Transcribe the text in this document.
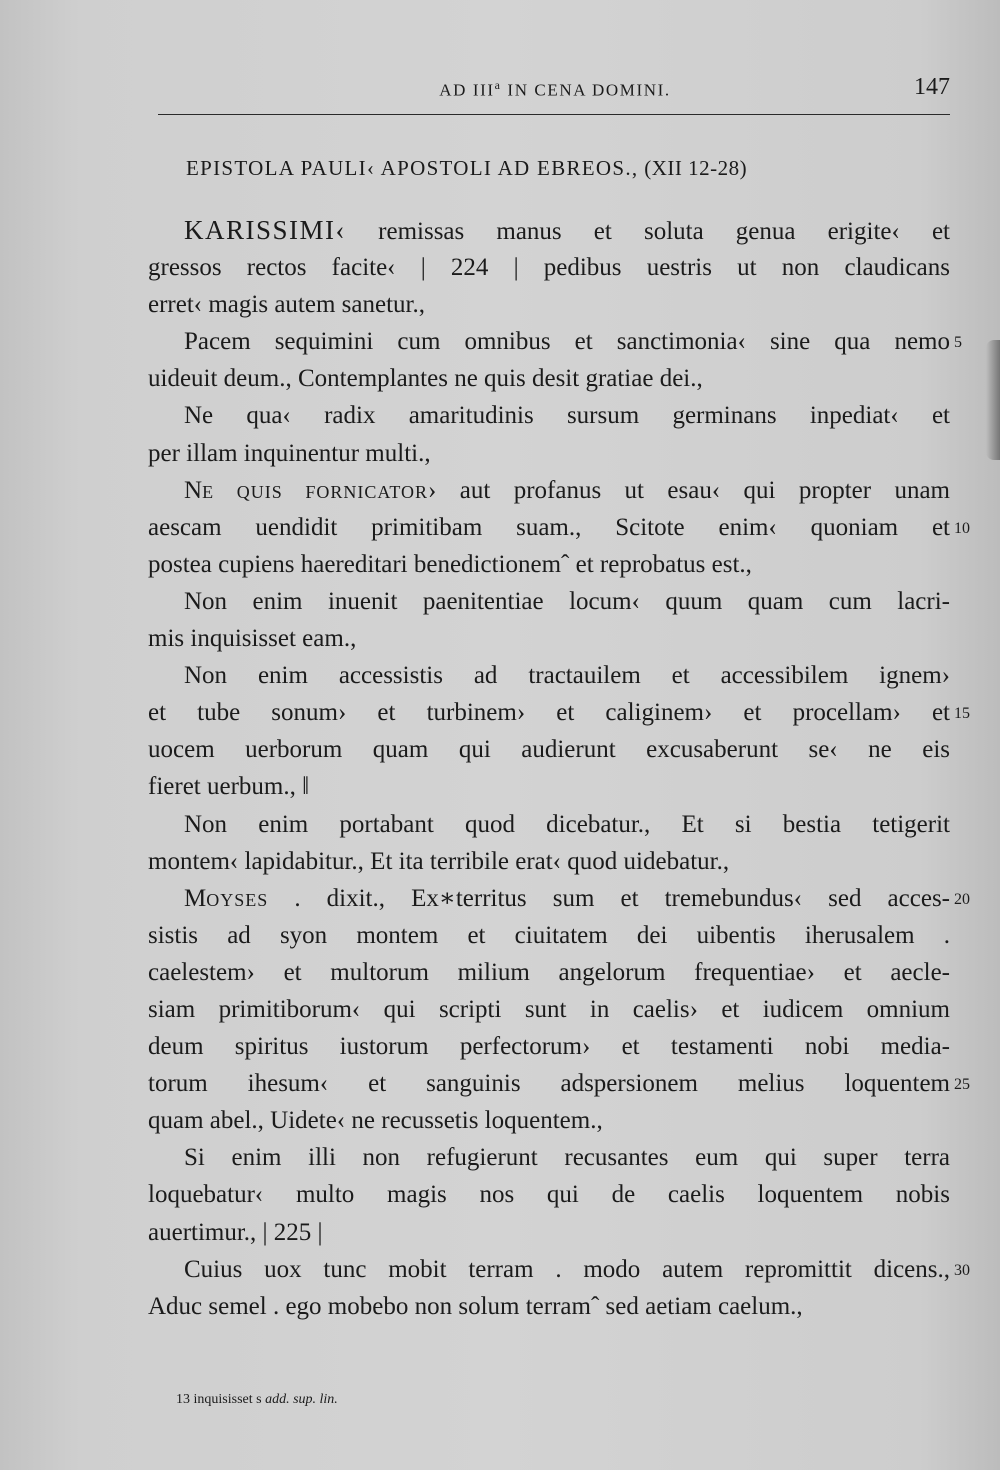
AD III$^a$ IN CENA DOMINI.	147
EPISTOLA PAULI‹ APOSTOLI AD EBREOS., (XII 12-28)
KARISSIMI‹ remissas manus et soluta genua erigite‹ et
gressos rectos facite‹ | 224 | pedibus uestris ut non claudicans
erret‹ magis autem sanetur.,
Pacem sequimini cum omnibus et sanctimonia‹ sine qua nemo 5
uideuit deum., Contemplantes ne quis desit gratiae dei.,
Ne qua‹ radix amaritudinis sursum germinans inpediat‹ et
per illam inquinentur multi.,
NE QUIS FORNICATOR› aut profanus ut esau‹ qui propter unam
aescam uendidit primitibam suam., Scitote enim‹ quoniam et 10
postea cupiens haereditari benedictionemˆ et reprobatus est.,
Non enim inuenit paenitentiae locum‹ quum quam cum lacri-
mis inquisisset eam.,
Non enim accessistis ad tractauilem et accessibilem ignem›
et tube sonum› et turbinem› et caliginem› et procellam› et 15
uocem uerborum quam qui audierunt excusaberunt se‹ ne eis
fieret uerbum., ‖
Non enim portabant quod dicebatur., Et si bestia tetigerit
montem‹ lapidabitur., Et ita terribile erat‹ quod uidebatur.,
MOYSES . dixit., Ex∗territus sum et tremebundus‹ sed acces- 20
sistis ad syon montem et ciuitatem dei uibentis iherusalem .
caelestem› et multorum milium angelorum frequentiae› et aecle-
siam primitiborum‹ qui scripti sunt in caelis› et iudicem omnium
deum spiritus iustorum perfectorum› et testamenti nobi media-
torum ihesum‹ et sanguinis adspersionem melius loquentem 25
quam abel., Uidete‹ ne recussetis loquentem.,
Si enim illi non refugierunt recusantes eum qui super terra
loquebatur‹ multo magis nos qui de caelis loquentem nobis
auertimur., | 225 |
Cuius uox tunc mobit terram . modo autem repromittit dicens., 30
Aduc semel . ego mobebo non solum terramˆ sed aetiam caelum.,
13 inquisisset s add. sup. lin.
